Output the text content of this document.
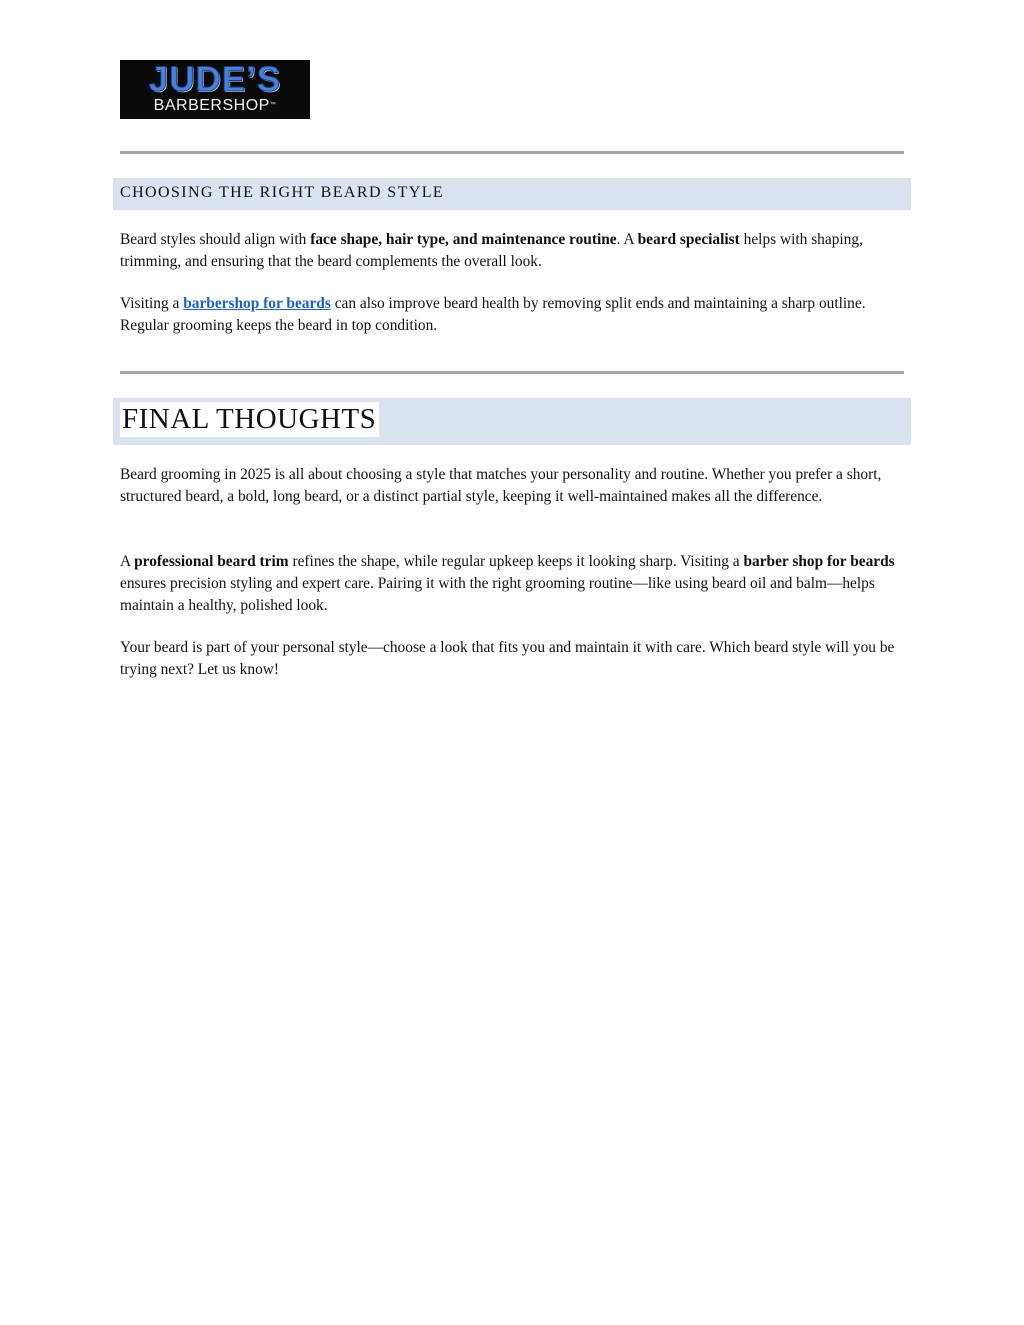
JUDE’S
BARBERSHOP™
CHOOSING THE RIGHT BEARD STYLE

Beard styles should align with face shape, hair type, and maintenance routine. A beard specialist helps with shaping, trimming, and ensuring that the beard complements the overall look.

Visiting a barbershop for beards can also improve beard health by removing split ends and maintaining a sharp outline. Regular grooming keeps the beard in top condition.

FINAL THOUGHTS

Beard grooming in 2025 is all about choosing a style that matches your personality and routine. Whether you prefer a short, structured beard, a bold, long beard, or a distinct partial style, keeping it well-maintained makes all the difference.

A professional beard trim refines the shape, while regular upkeep keeps it looking sharp. Visiting a barber shop for beards ensures precision styling and expert care. Pairing it with the right grooming routine—like using beard oil and balm—helps maintain a healthy, polished look.

Your beard is part of your personal style—choose a look that fits you and maintain it with care. Which beard style will you be trying next? Let us know!
